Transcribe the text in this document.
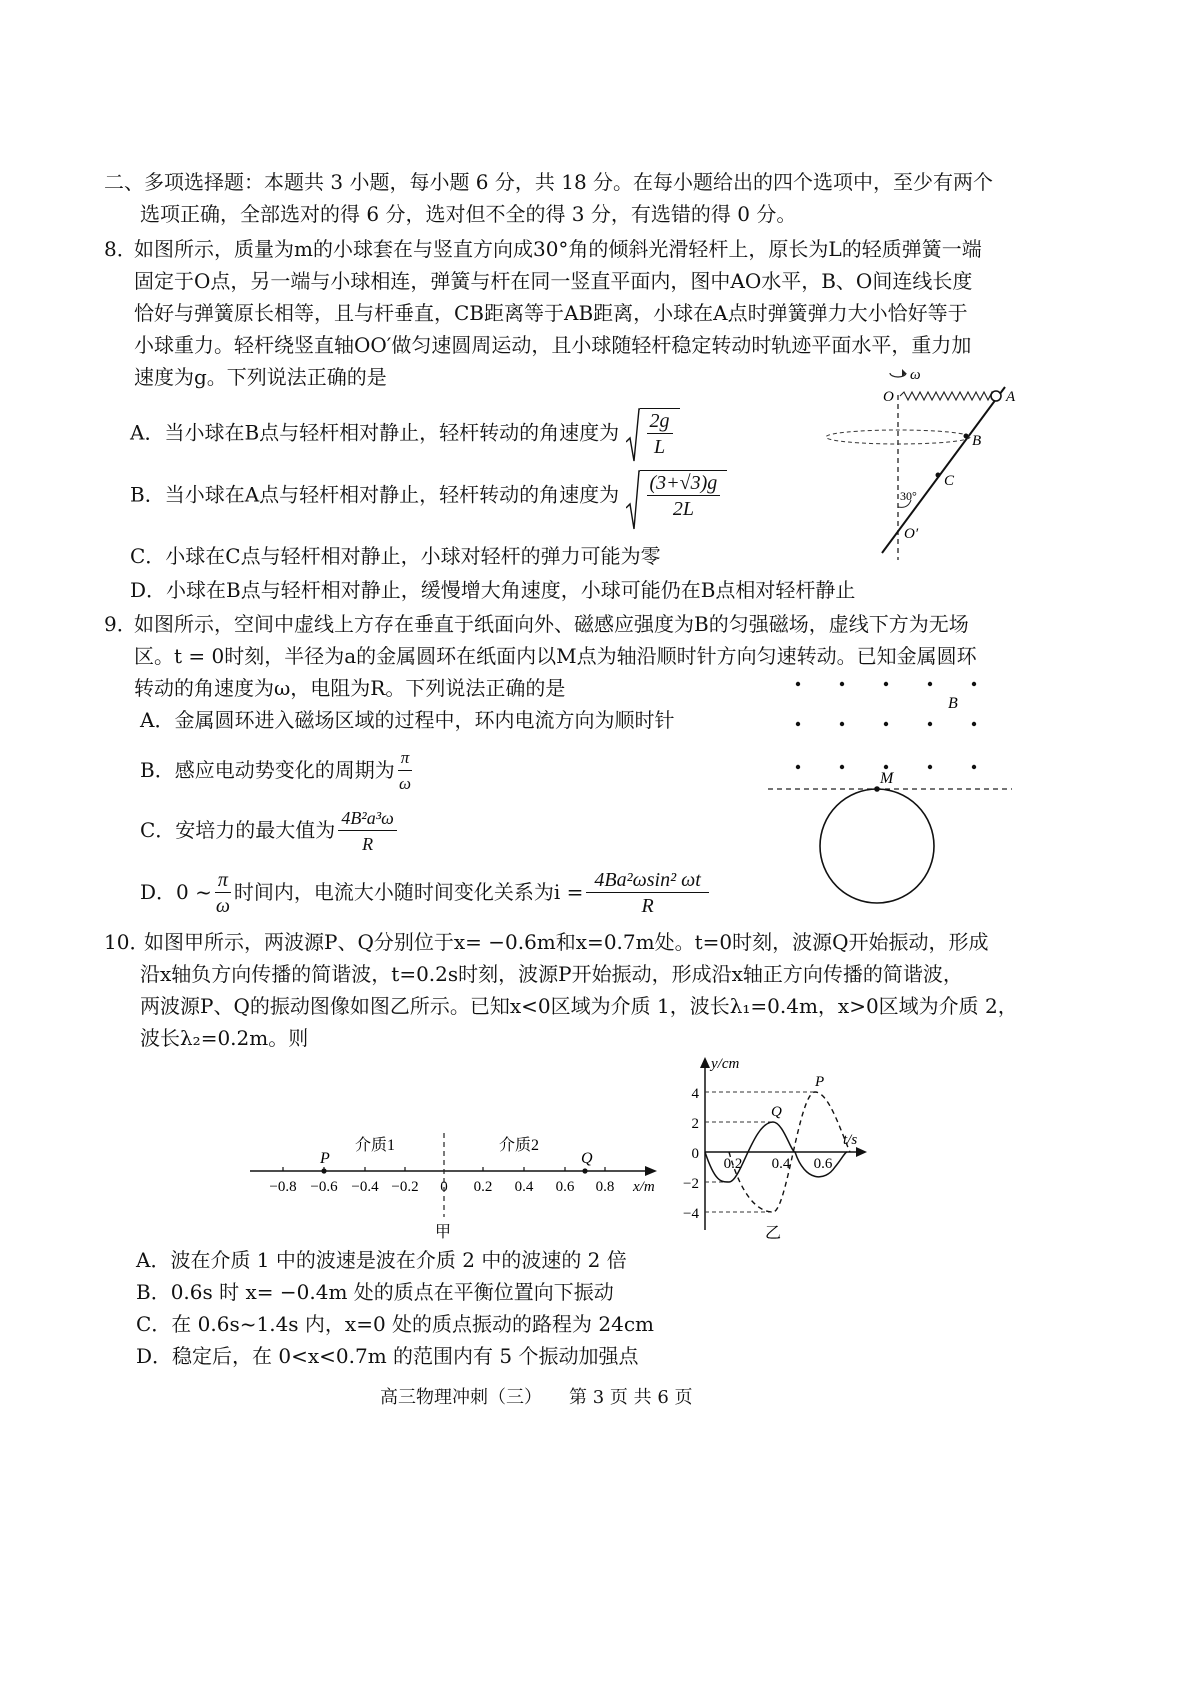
二、多项选择题：本题共 3 小题，每小题 6 分，共 18 分。在每小题给出的四个选项中，至少有两个
选项正确，全部选对的得 6 分，选对但不全的得 3 分，有选错的得 0 分。
8．
如图所示，质量为m的小球套在与竖直方向成30°角的倾斜光滑轻杆上，原长为L的轻质弹簧一端
固定于O点，另一端与小球相连，弹簧与杆在同一竖直平面内，图中AO水平，B、O间连线长度
恰好与弹簧原长相等，且与杆垂直，CB距离等于AB距离，小球在A点时弹簧弹力大小恰好等于
小球重力。轻杆绕竖直轴OO′做匀速圆周运动，且小球随轻杆稳定转动时轨迹平面水平，重力加
速度为g。下列说法正确的是
A．当小球在B点与轻杆相对静止，轻杆转动的角速度为 $\frac{2g}{L}$
B．当小球在A点与轻杆相对静止，轻杆转动的角速度为 $\frac{(3+√3)g}{2L}$
C．小球在C点与轻杆相对静止，小球对轻杆的弹力可能为零
D．小球在B点与轻杆相对静止，缓慢增大角速度，小球可能仍在B点相对轻杆静止
ω
O	A
B
C
30°
O′
9．
如图所示，空间中虚线上方存在垂直于纸面向外、磁感应强度为B的匀强磁场，虚线下方为无场
区。t = 0时刻，半径为a的金属圆环在纸面内以M点为轴沿顺时针方向匀速转动。已知金属圆环
转动的角速度为ω，电阻为R。下列说法正确的是
A．金属圆环进入磁场区域的过程中，环内电流方向为顺时针
B．感应电动势变化的周期为 $\frac{\pi}{\omega}$
C．安培力的最大值为 $\frac{\text{4B²a³ω}}{R}$
D．0 ~ $\frac{\pi}{\omega}$ 时间内，电流大小随时间变化关系为$i = \frac{\text{4Ba²ωsin² ωt}}{R}$
B
M
10．
如图甲所示，两波源P、Q分别位于x= −0.6m和x=0.7m处。t=0时刻，波源Q开始振动，形成
沿x轴负方向传播的简谐波，t=0.2s时刻，波源P开始振动，形成沿x轴正方向传播的简谐波，
两波源P、Q的振动图像如图乙所示。已知x<0区域为介质 1，波长λ₁=0.4m，x>0区域为介质 2，
波长λ₂=0.2m。则
−0.8 −0.6 −0.4 −0.2 0 0.2 0.4 0.6 0.8 x/m
P	Q
介质1	介质2
甲
y/cm
t/s
4
2
0
−2
−4
0.2 0.4 0.6
P
Q
乙
A．波在介质 1 中的波速是波在介质 2 中的波速的 2 倍
B．0.6s 时 x= −0.4m 处的质点在平衡位置向下振动
C．在 0.6s~1.4s 内，x=0 处的质点振动的路程为 24cm
D．稳定后，在 0<x<0.7m 的范围内有 5 个振动加强点
高三物理冲刺（三）　　第 3 页 共 6 页
